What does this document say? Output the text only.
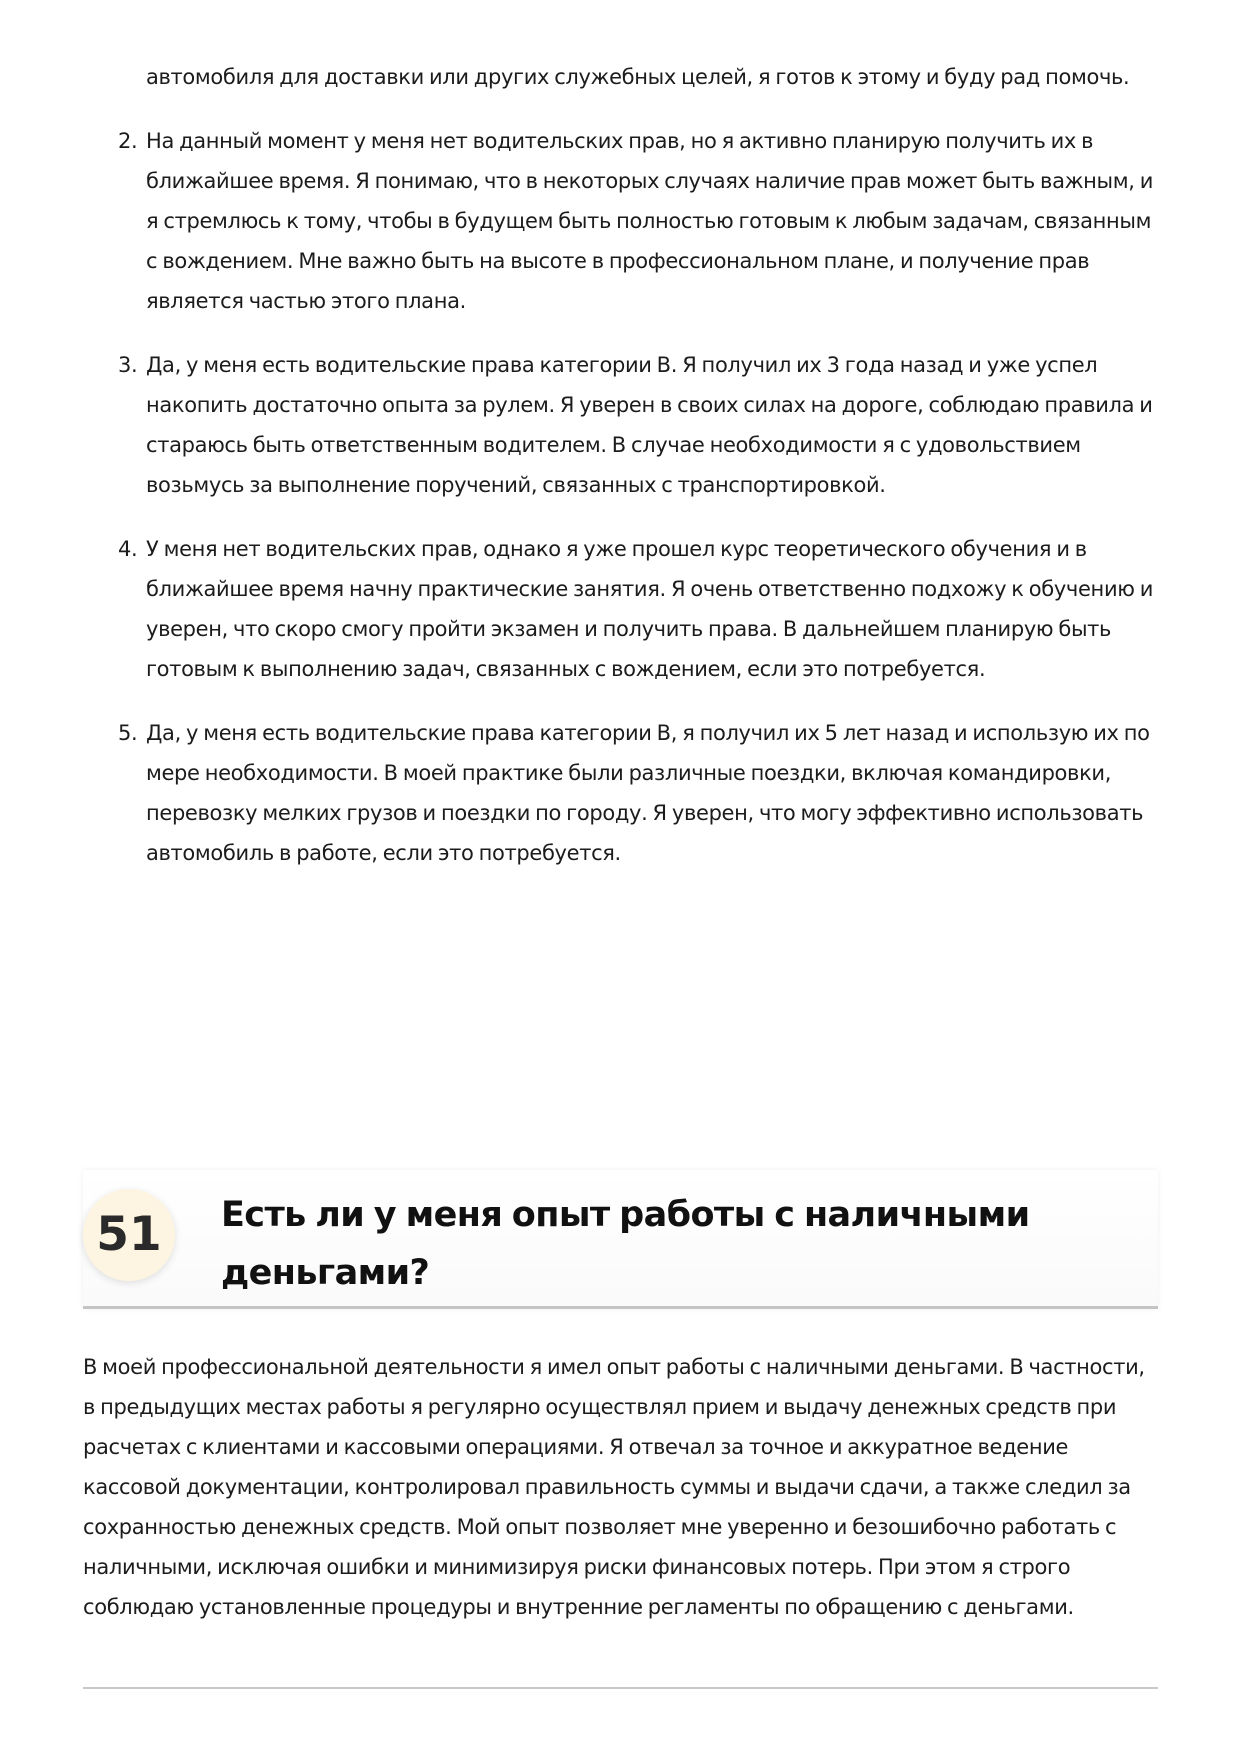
автомобиля для доставки или других служебных целей, я готов к этому и буду рад помочь.

2. На данный момент у меня нет водительских прав, но я активно планирую получить их в ближайшее время. Я понимаю, что в некоторых случаях наличие прав может быть важным, и я стремлюсь к тому, чтобы в будущем быть полностью готовым к любым задачам, связанным с вождением. Мне важно быть на высоте в профессиональном плане, и получение прав является частью этого плана.

3. Да, у меня есть водительские права категории B. Я получил их 3 года назад и уже успел накопить достаточно опыта за рулем. Я уверен в своих силах на дороге, соблюдаю правила и стараюсь быть ответственным водителем. В случае необходимости я с удовольствием возьмусь за выполнение поручений, связанных с транспортировкой.

4. У меня нет водительских прав, однако я уже прошел курс теоретического обучения и в ближайшее время начну практические занятия. Я очень ответственно подхожу к обучению и уверен, что скоро смогу пройти экзамен и получить права. В дальнейшем планирую быть готовым к выполнению задач, связанных с вождением, если это потребуется.

5. Да, у меня есть водительские права категории B, я получил их 5 лет назад и использую их по мере необходимости. В моей практике были различные поездки, включая командировки, перевозку мелких грузов и поездки по городу. Я уверен, что могу эффективно использовать автомобиль в работе, если это потребуется.

51	Есть ли у меня опыт работы с наличными деньгами?

В моей профессиональной деятельности я имел опыт работы с наличными деньгами. В частности, в предыдущих местах работы я регулярно осуществлял прием и выдачу денежных средств при расчетах с клиентами и кассовыми операциями. Я отвечал за точное и аккуратное ведение кассовой документации, контролировал правильность суммы и выдачи сдачи, а также следил за сохранностью денежных средств. Мой опыт позволяет мне уверенно и безошибочно работать с наличными, исключая ошибки и минимизируя риски финансовых потерь. При этом я строго соблюдаю установленные процедуры и внутренние регламенты по обращению с деньгами.
